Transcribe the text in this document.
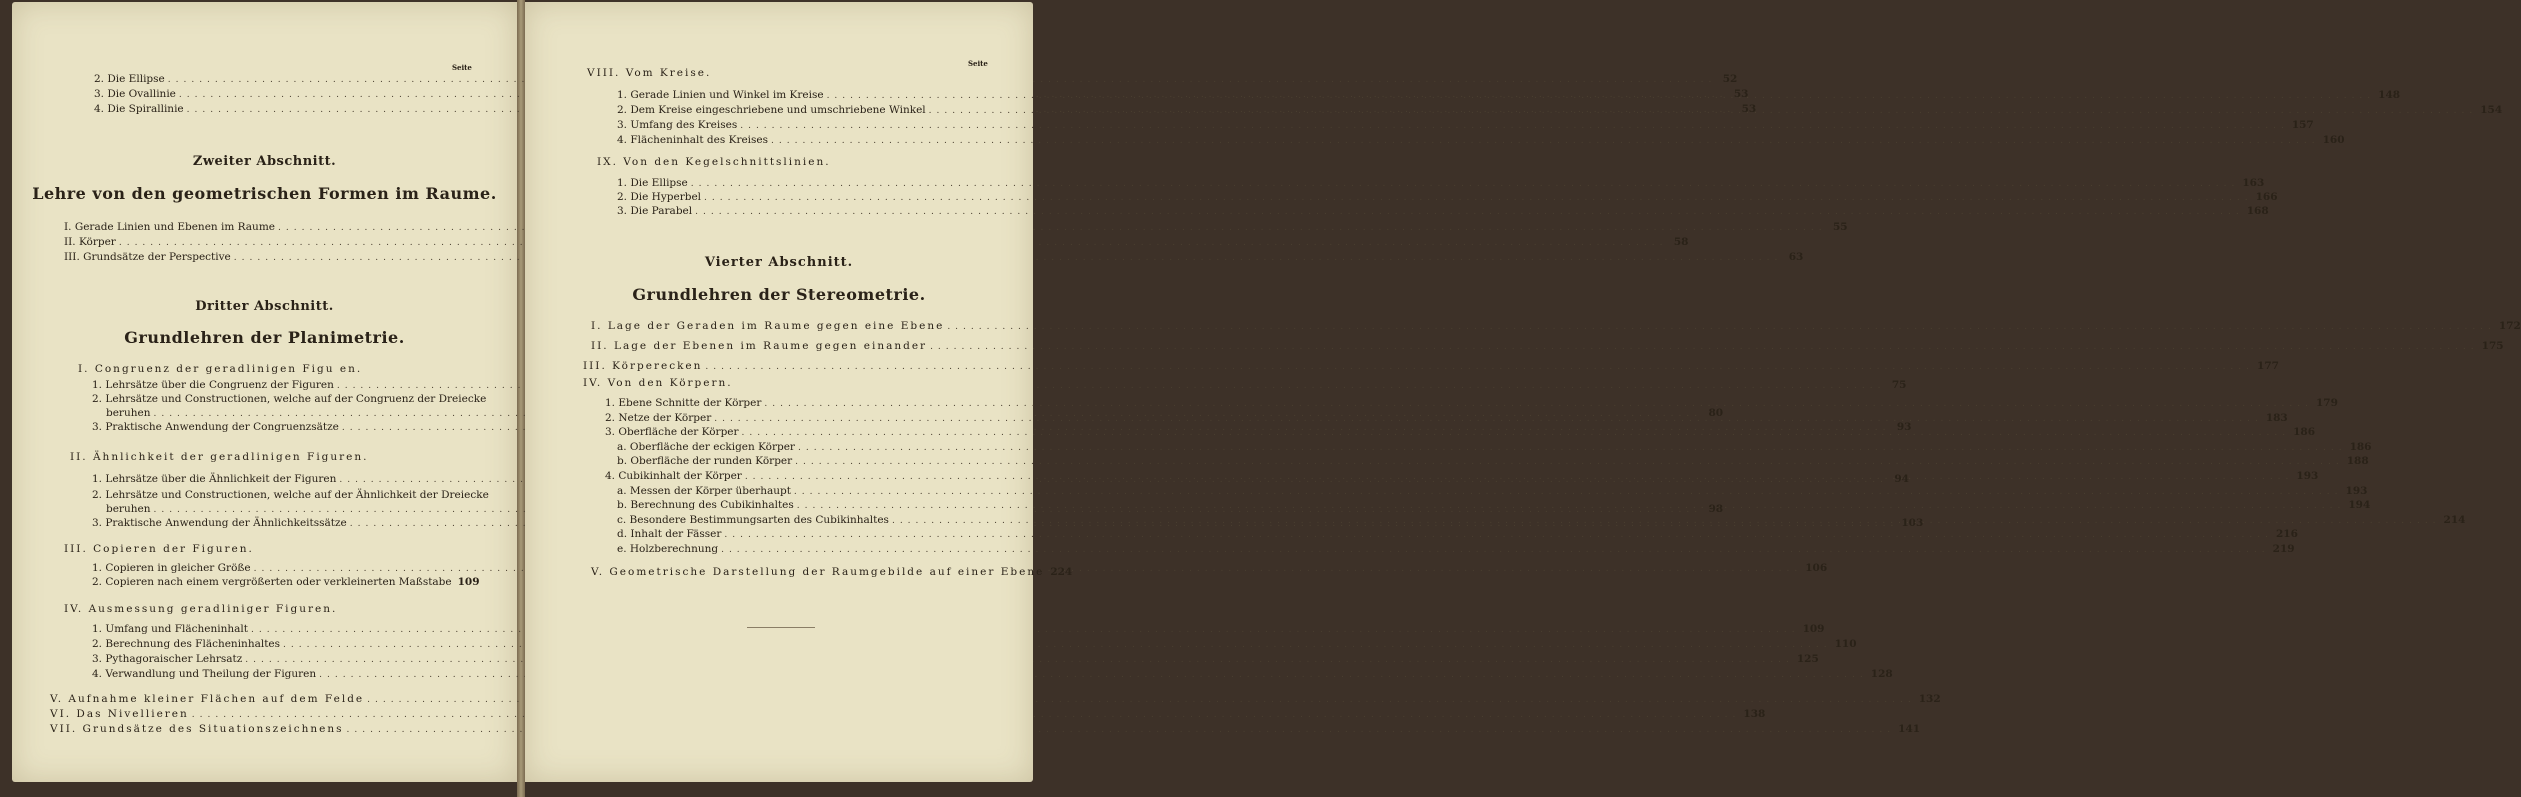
Seite
2. Die Ellipse .....	52
3. Die Ovallinie .....	53
4. Die Spirallinie .....	53
Zweiter Abschnitt.
Lehre von den geometrischen Formen im Raume.
I. Gerade Linien und Ebenen im Raume .....	55
II. Körper .....	58
III. Grundsätze der Perspective .....	63
Dritter Abschnitt.
Grundlehren der Planimetrie.
I. Congruenz der geradlinigen Figu en.
1. Lehrsätze über die Congruenz der Figuren .....	75
2. Lehrsätze und Constructionen, welche auf der Congruenz der Dreiecke
beruhen .....	80
3. Praktische Anwendung der Congruenzsätze .....	93
II. Ähnlichkeit der geradlinigen Figuren.
1. Lehrsätze über die Ähnlichkeit der Figuren .....	94
2. Lehrsätze und Constructionen, welche auf der Ähnlichkeit der Dreiecke
beruhen .....	98
3. Praktische Anwendung der Ähnlichkeitssätze .....	103
III. Copieren der Figuren.
1. Copieren in gleicher Größe .....	106
2. Copieren nach einem vergrößerten oder verkleinerten Maßstabe 109
IV. Ausmessung geradliniger Figuren.
1. Umfang und Flächeninhalt .....	109
2. Berechnung des Flächeninhaltes .....	110
3. Pythagoraischer Lehrsatz .....	125
4. Verwandlung und Theilung der Figuren .....	128
V. Aufnahme kleiner Flächen auf dem Felde .....	132
VI. Das Nivellieren .....	138
VII. Grundsätze des Situationszeichnens .....	141
Seite
VIII. Vom Kreise.
1. Gerade Linien und Winkel im Kreise .....	148
2. Dem Kreise eingeschriebene und umschriebene Winkel .....	154
3. Umfang des Kreises .....	157
4. Flächeninhalt des Kreises .....	160
IX. Von den Kegelschnittslinien.
1. Die Ellipse .....	163
2. Die Hyperbel .....	166
3. Die Parabel .....	168
Vierter Abschnitt.
Grundlehren der Stereometrie.
I. Lage der Geraden im Raume gegen eine Ebene .....	172
II. Lage der Ebenen im Raume gegen einander .....	175
III. Körperecken .....	177
IV. Von den Körpern.
1. Ebene Schnitte der Körper .....	179
2. Netze der Körper .....	183
3. Oberfläche der Körper .....	186
a. Oberfläche der eckigen Körper .....	186
b. Oberfläche der runden Körper .....	188
4. Cubikinhalt der Körper .....	193
a. Messen der Körper überhaupt .....	193
b. Berechnung des Cubikinhaltes .....	194
c. Besondere Bestimmungsarten des Cubikinhaltes .....	214
d. Inhalt der Fässer .....	216
e. Holzberechnung .....	219
V. Geometrische Darstellung der Raumgebilde auf einer Ebene 224
